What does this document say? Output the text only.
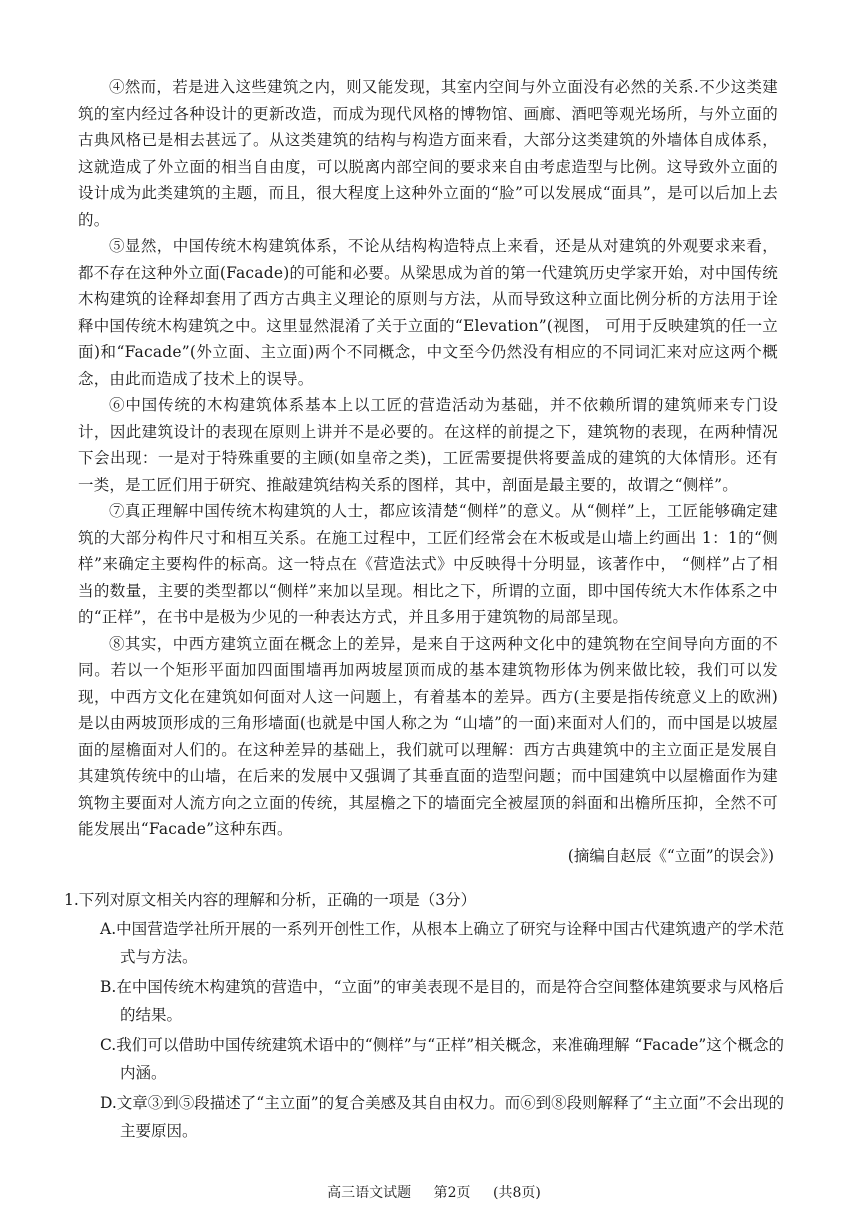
④然而，若是进入这些建筑之内，则又能发现，其室内空间与外立面没有必然的关系.不少这类建筑的室内经过各种设计的更新改造，而成为现代风格的博物馆、画廊、酒吧等观光场所，与外立面的古典风格已是相去甚远了。从这类建筑的结构与构造方面来看，大部分这类建筑的外墙体自成体系，这就造成了外立面的相当自由度，可以脱离内部空间的要求来自由考虑造型与比例。这导致外立面的设计成为此类建筑的主题，而且，很大程度上这种外立面的“脸”可以发展成“面具”，是可以后加上去的。

⑤显然，中国传统木构建筑体系，不论从结构构造特点上来看，还是从对建筑的外观要求来看，都不存在这种外立面(Facade)的可能和必要。从梁思成为首的第一代建筑历史学家开始，对中国传统木构建筑的诠释却套用了西方古典主义理论的原则与方法，从而导致这种立面比例分析的方法用于诠释中国传统木构建筑之中。这里显然混淆了关于立面的“Elevation”(视图， 可用于反映建筑的任一立面)和“Facade”(外立面、主立面)两个不同概念，中文至今仍然没有相应的不同词汇来对应这两个概念，由此而造成了技术上的误导。

⑥中国传统的木构建筑体系基本上以工匠的营造活动为基础，并不依赖所谓的建筑师来专门设计，因此建筑设计的表现在原则上讲并不是必要的。在这样的前提之下，建筑物的表现，在两种情况下会出现：一是对于特殊重要的主顾(如皇帝之类)，工匠需要提供将要盖成的建筑的大体情形。还有一类，是工匠们用于研究、推敲建筑结构关系的图样，其中，剖面是最主要的，故谓之“侧样”。

⑦真正理解中国传统木构建筑的人士，都应该清楚“侧样”的意义。从“侧样”上，工匠能够确定建筑的大部分构件尺寸和相互关系。在施工过程中，工匠们经常会在木板或是山墙上约画出 1：1的“侧样”来确定主要构件的标高。这一特点在《营造法式》中反映得十分明显，该著作中， “侧样”占了相当的数量，主要的类型都以“侧样”来加以呈现。相比之下，所谓的立面，即中国传统大木作体系之中的“正样”，在书中是极为少见的一种表达方式，并且多用于建筑物的局部呈现。

⑧其实，中西方建筑立面在概念上的差异，是来自于这两种文化中的建筑物在空间导向方面的不同。若以一个矩形平面加四面围墙再加两坡屋顶而成的基本建筑物形体为例来做比较，我们可以发现，中西方文化在建筑如何面对人这一问题上，有着基本的差异。西方(主要是指传统意义上的欧洲)是以由两坡顶形成的三角形墙面(也就是中国人称之为 “山墙”的一面)来面对人们的，而中国是以坡屋面的屋檐面对人们的。在这种差异的基础上，我们就可以理解：西方古典建筑中的主立面正是发展自其建筑传统中的山墙，在后来的发展中又强调了其垂直面的造型问题；而中国建筑中以屋檐面作为建筑物主要面对人流方向之立面的传统，其屋檐之下的墙面完全被屋顶的斜面和出檐所压抑，全然不可能发展出“Facade”这种东西。

(摘编自赵辰《“立面”的误会》)

1.下列对原文相关内容的理解和分析，正确的一项是（3分）

A.中国营造学社所开展的一系列开创性工作，从根本上确立了研究与诠释中国古代建筑遗产的学术范式与方法。

B.在中国传统木构建筑的营造中，“立面”的审美表现不是目的，而是符合空间整体建筑要求与风格后的结果。

C.我们可以借助中国传统建筑术语中的“侧样”与“正样”相关概念，来准确理解 “Facade”这个概念的内涵。

D.文章③到⑤段描述了“主立面”的复合美感及其自由权力。而⑥到⑧段则解释了“主立面”不会出现的主要原因。

高三语文试题 第2页 (共8页)
